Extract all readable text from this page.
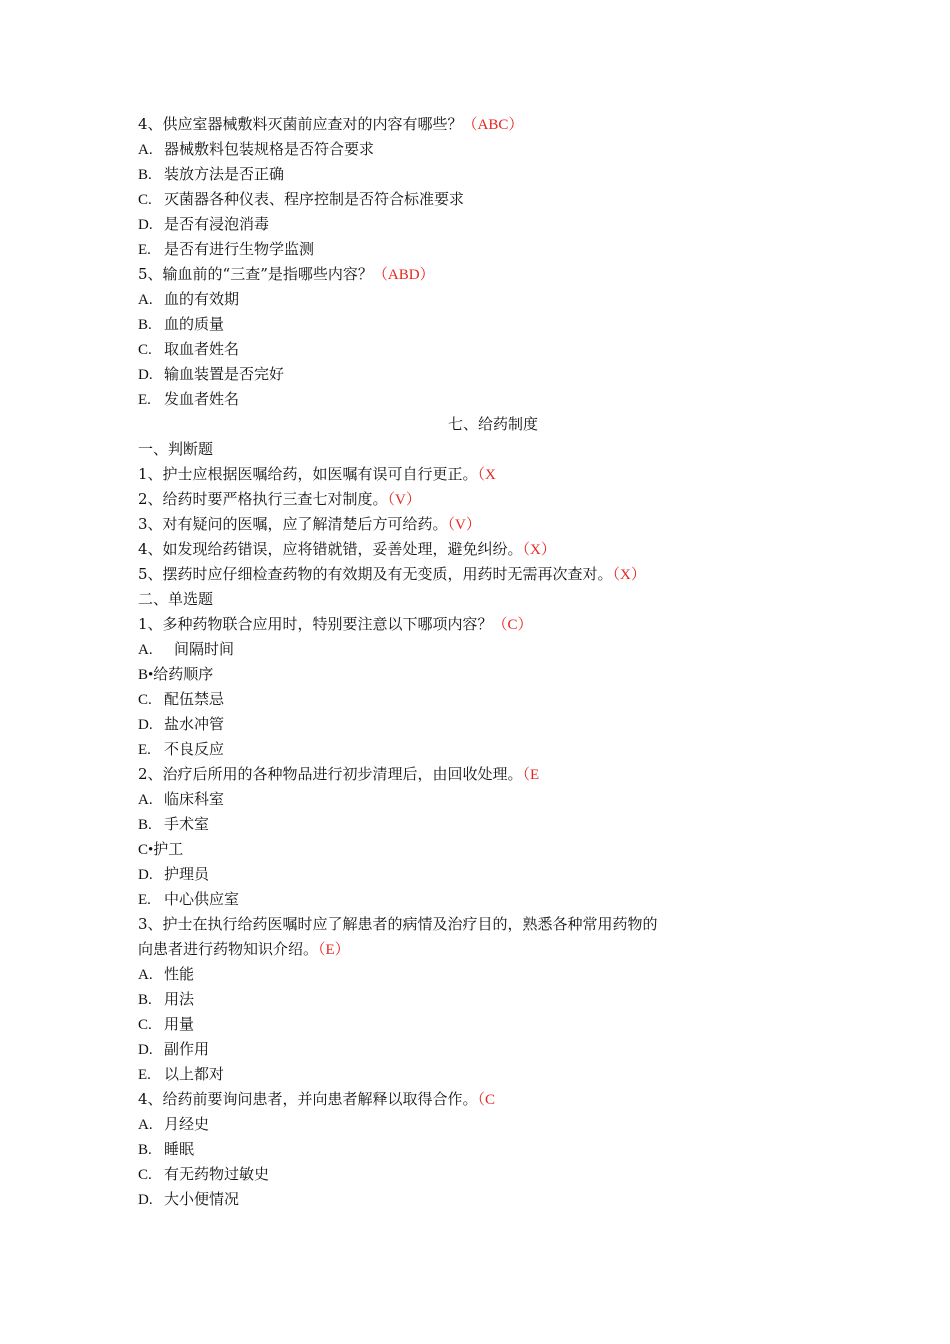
4、供应室器械敷料灭菌前应查对的内容有哪些？（ABC）
A. 器械敷料包装规格是否符合要求
B. 装放方法是否正确
C. 灭菌器各种仪表、程序控制是否符合标准要求
D. 是否有浸泡消毒
E. 是否有进行生物学监测
5、输血前的“三查”是指哪些内容？（ABD）
A. 血的有效期
B. 血的质量
C. 取血者姓名
D. 输血装置是否完好
E. 发血者姓名
七、给药制度
一、判断题
1、护士应根据医嘱给药，如医嘱有误可自行更正。（X
2、给药时要严格执行三查七对制度。（V）
3、对有疑问的医嘱，应了解清楚后方可给药。（V）
4、如发现给药错误，应将错就错，妥善处理，避免纠纷。（X）
5、摆药时应仔细检查药物的有效期及有无变质，用药时无需再次查对。（X）
二、单选题
1、多种药物联合应用时，特别要注意以下哪项内容？（C）
A. 间隔时间
B•给药顺序
C. 配伍禁忌
D. 盐水冲管
E. 不良反应
2、治疗后所用的各种物品进行初步清理后，由回收处理。（E
A. 临床科室
B. 手术室
C•护工
D. 护理员
E. 中心供应室
3、护士在执行给药医嘱时应了解患者的病情及治疗目的，熟悉各种常用药物的
向患者进行药物知识介绍。（E）
A. 性能
B. 用法
C. 用量
D. 副作用
E. 以上都对
4、给药前要询问患者，并向患者解释以取得合作。（C
A. 月经史
B. 睡眠
C. 有无药物过敏史
D. 大小便情况
